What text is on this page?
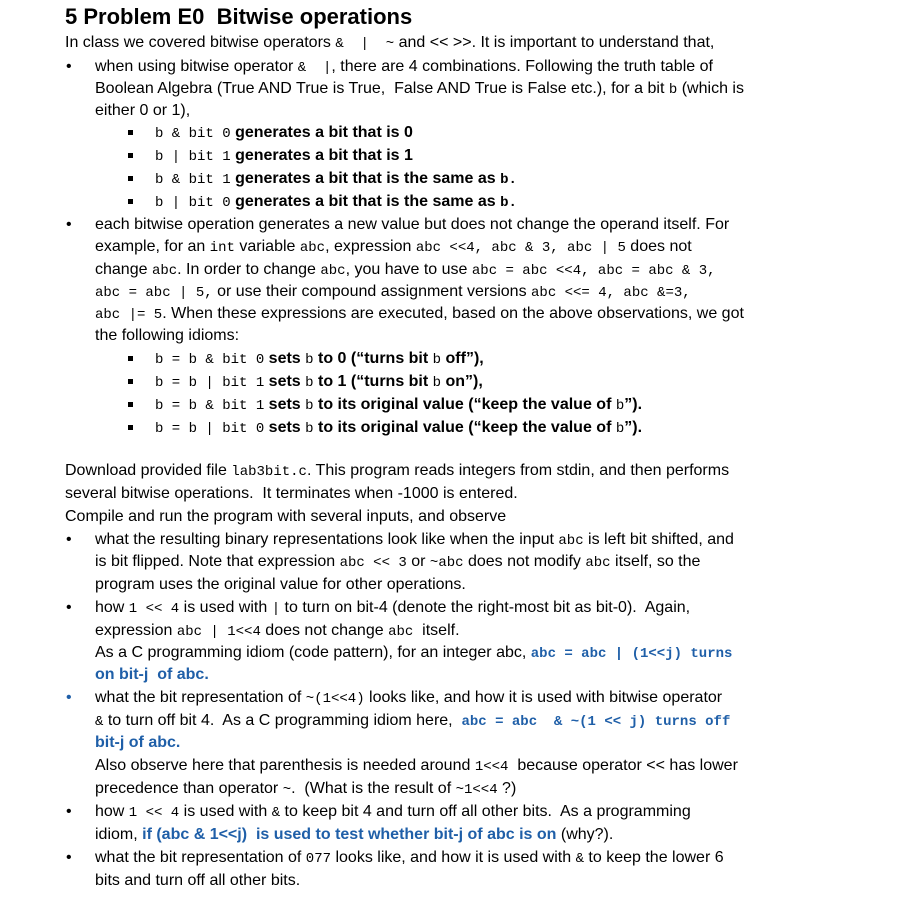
5 Problem E0  Bitwise operations
In class we covered bitwise operators &  |  ~ and << >>. It is important to understand that,
• when using bitwise operator &  |, there are 4 combinations. Following the truth table of
Boolean Algebra (True AND True is True,  False AND True is False etc.), for a bit b (which is
either 0 or 1),
b & bit 0 generates a bit that is 0
b | bit 1 generates a bit that is 1
b & bit 1 generates a bit that is the same as b.
b | bit 0 generates a bit that is the same as b.
• each bitwise operation generates a new value but does not change the operand itself. For
example, for an int variable abc, expression abc <<4, abc & 3, abc | 5 does not
change abc. In order to change abc, you have to use abc = abc <<4, abc = abc & 3,
abc = abc | 5, or use their compound assignment versions abc <<= 4, abc &=3,
abc |= 5. When these expressions are executed, based on the above observations, we got
the following idioms:
b = b & bit 0 sets b to 0 (“turns bit b off”),
b = b | bit 1 sets b to 1 (“turns bit b on”),
b = b & bit 1 sets b to its original value (“keep the value of b”).
b = b | bit 0 sets b to its original value (“keep the value of b”).
Download provided file lab3bit.c. This program reads integers from stdin, and then performs
several bitwise operations.  It terminates when -1000 is entered.
Compile and run the program with several inputs, and observe
• what the resulting binary representations look like when the input abc is left bit shifted, and
is bit flipped. Note that expression abc << 3 or ~abc does not modify abc itself, so the
program uses the original value for other operations.
• how 1 << 4 is used with | to turn on bit-4 (denote the right-most bit as bit-0).  Again,
expression abc | 1<<4 does not change abc  itself.
As a C programming idiom (code pattern), for an integer abc, abc = abc | (1<<j) turns
on bit-j  of abc.
• what the bit representation of ~(1<<4) looks like, and how it is used with bitwise operator
& to turn off bit 4.  As a C programming idiom here,  abc = abc  & ~(1 << j) turns off
bit-j of abc.
Also observe here that parenthesis is needed around 1<<4  because operator << has lower
precedence than operator ~.  (What is the result of ~1<<4 ?)
• how 1 << 4 is used with & to keep bit 4 and turn off all other bits.  As a programming
idiom, if (abc & 1<<j)  is used to test whether bit-j of abc is on (why?).
• what the bit representation of 077 looks like, and how it is used with & to keep the lower 6
bits and turn off all other bits.
